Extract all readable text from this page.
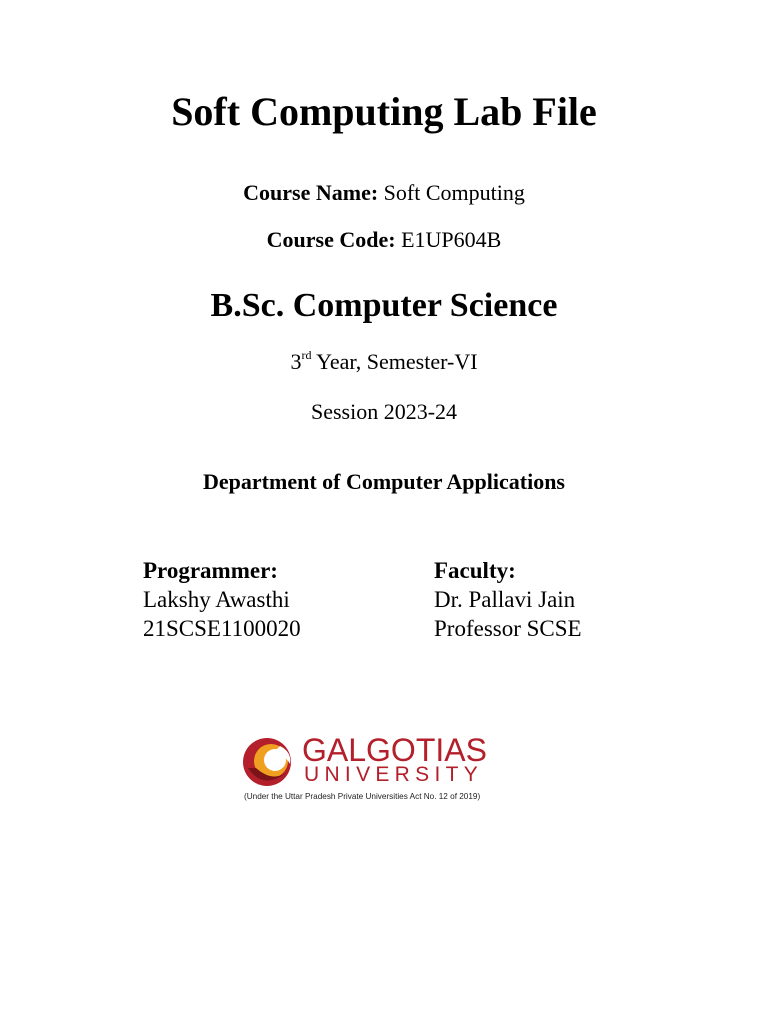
Soft Computing Lab File
Course Name: Soft Computing
Course Code: E1UP604B
B.Sc. Computer Science
3rd Year, Semester-VI
Session 2023-24
Department of Computer Applications
Programmer:
Lakshy Awasthi
21SCSE1100020
Faculty:
Dr. Pallavi Jain
Professor SCSE
GALGOTIAS
UNIVERSITY
(Under the Uttar Pradesh Private Universities Act No. 12 of 2019)
